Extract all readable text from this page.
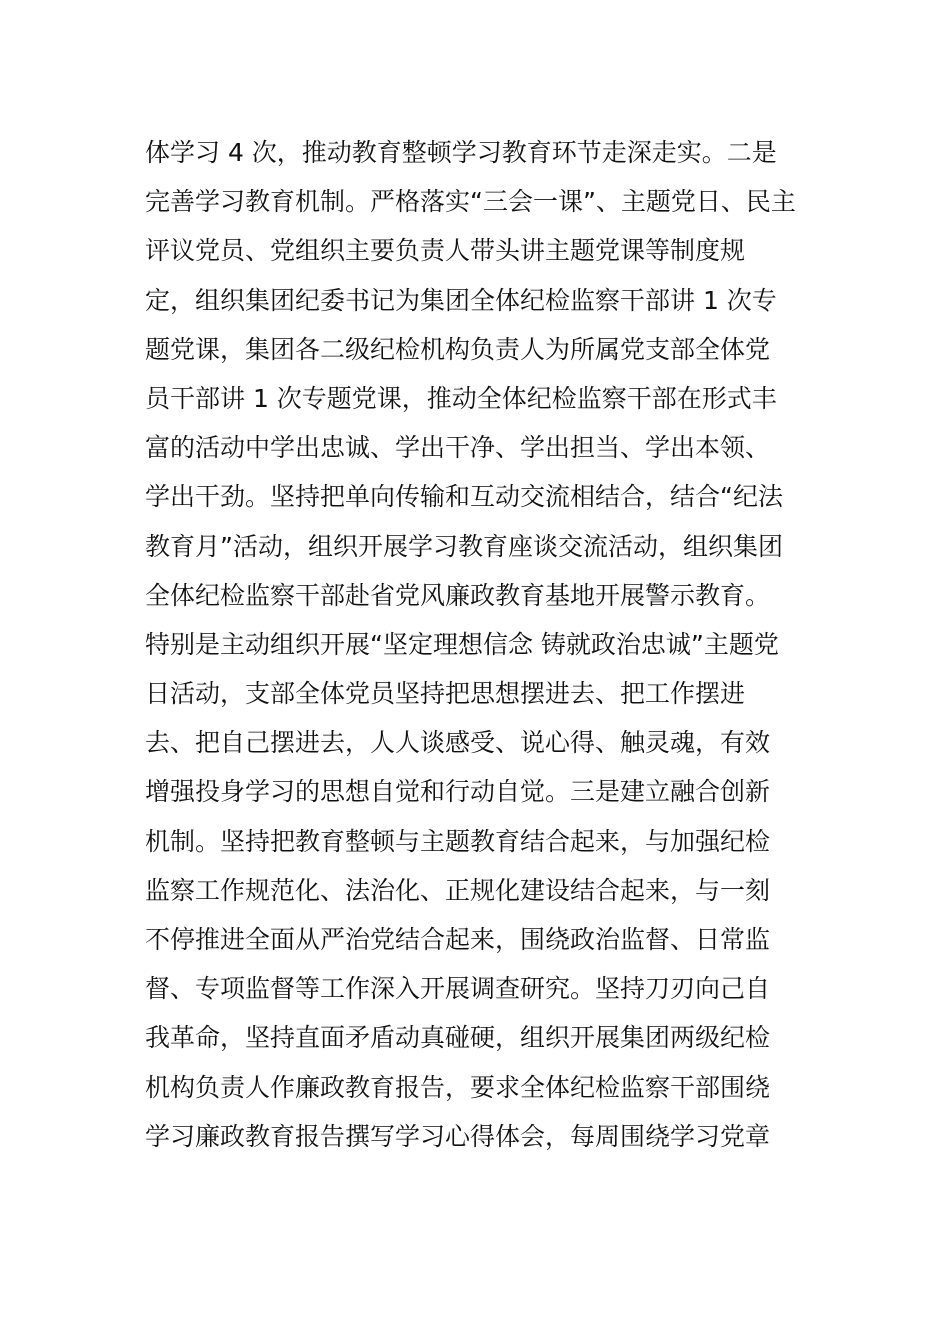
体学习 4 次，推动教育整顿学习教育环节走深走实。二是
完善学习教育机制。严格落实“三会一课”、主题党日、民主
评议党员、党组织主要负责人带头讲主题党课等制度规
定，组织集团纪委书记为集团全体纪检监察干部讲 1 次专
题党课，集团各二级纪检机构负责人为所属党支部全体党
员干部讲 1 次专题党课，推动全体纪检监察干部在形式丰
富的活动中学出忠诚、学出干净、学出担当、学出本领、
学出干劲。坚持把单向传输和互动交流相结合，结合“纪法
教育月”活动，组织开展学习教育座谈交流活动，组织集团
全体纪检监察干部赴省党风廉政教育基地开展警示教育。
特别是主动组织开展“坚定理想信念 铸就政治忠诚”主题党
日活动，支部全体党员坚持把思想摆进去、把工作摆进
去、把自己摆进去，人人谈感受、说心得、触灵魂，有效
增强投身学习的思想自觉和行动自觉。三是建立融合创新
机制。坚持把教育整顿与主题教育结合起来，与加强纪检
监察工作规范化、法治化、正规化建设结合起来，与一刻
不停推进全面从严治党结合起来，围绕政治监督、日常监
督、专项监督等工作深入开展调查研究。坚持刀刃向己自
我革命，坚持直面矛盾动真碰硬，组织开展集团两级纪检
机构负责人作廉政教育报告，要求全体纪检监察干部围绕
学习廉政教育报告撰写学习心得体会，每周围绕学习党章
